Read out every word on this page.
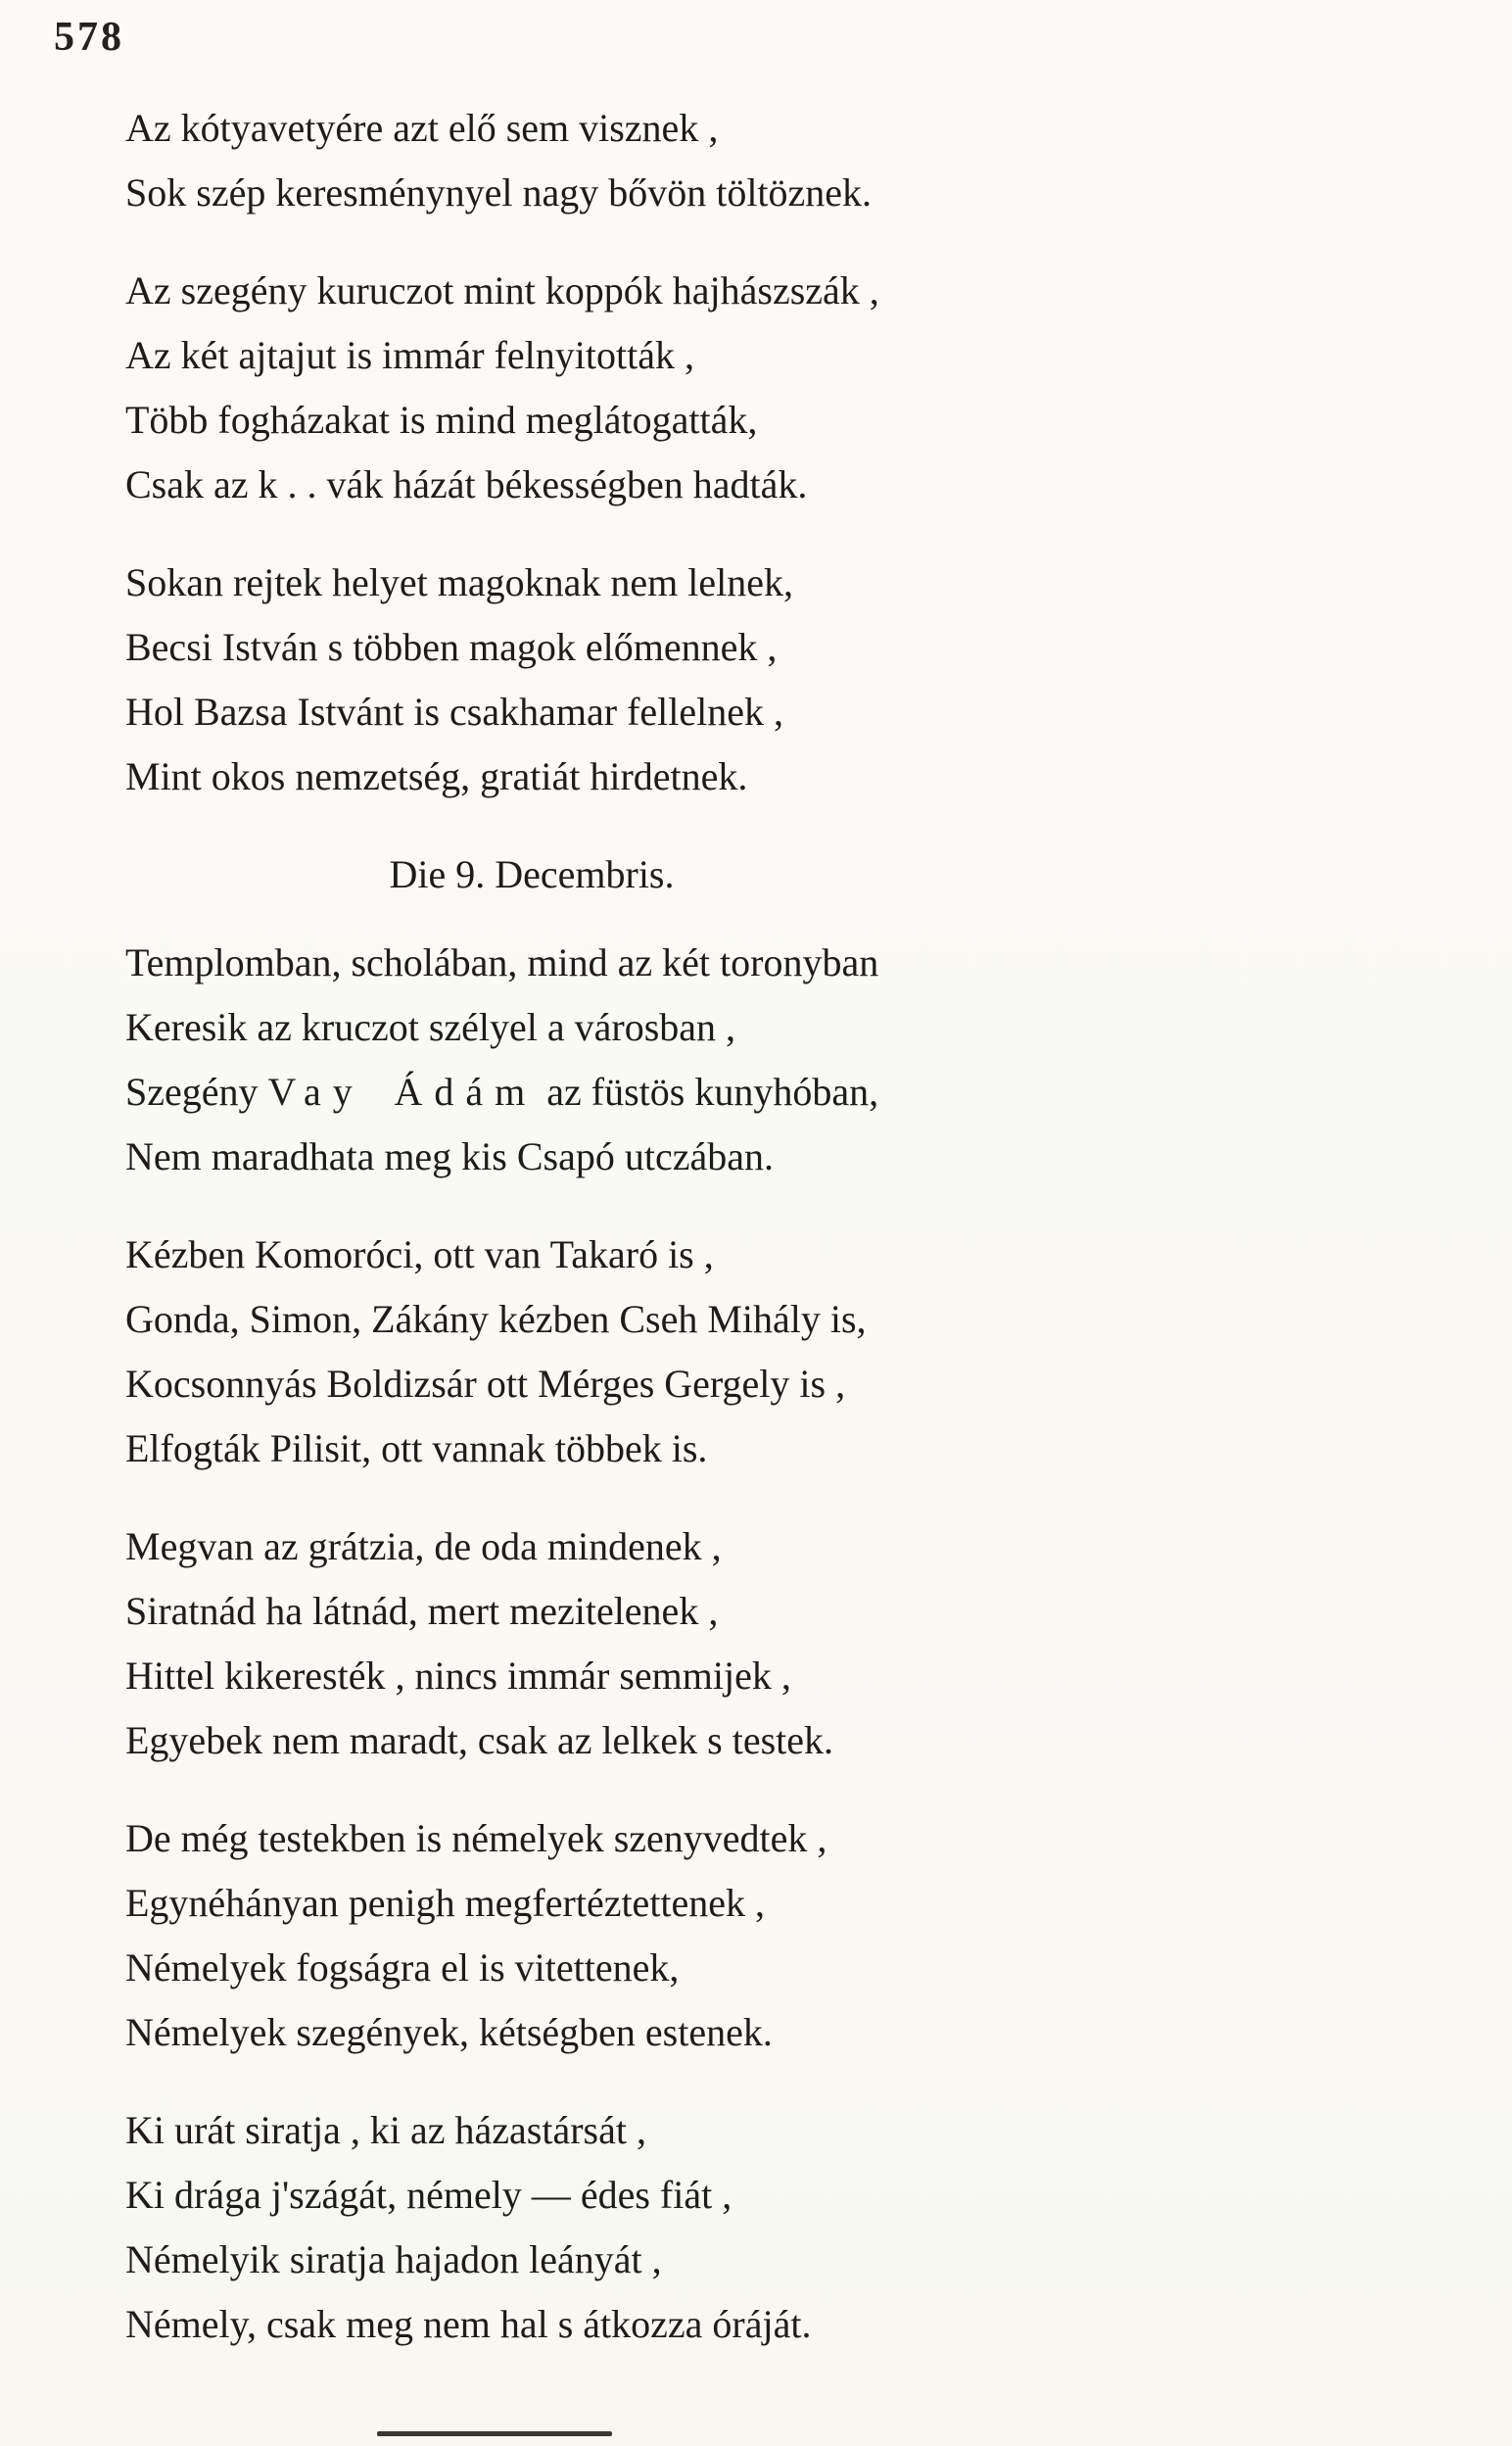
578
Az kótyavetyére azt elő sem visznek ,
Sok szép keresménynyel nagy bővön töltöznek.
Az szegény kuruczot mint koppók hajhászszák ,
Az két ajtajut is immár felnyitották ,
Több fogházakat is mind meglátogatták,
Csak az k . . vák házát békességben hadták.
Sokan rejtek helyet magoknak nem lelnek,
Becsi István s többen magok előmennek ,
Hol Bazsa Istvánt is csakhamar fellelnek ,
Mint okos nemzetség, gratiát hirdetnek.
Die 9. Decembris.
Templomban, scholában, mind az két toronyban
Keresik az kruczot szélyel a városban ,
Szegény Vay Ádám az füstös kunyhóban,
Nem maradhata meg kis Csapó utczában.
Kézben Komoróci, ott van Takaró is ,
Gonda, Simon, Zákány kézben Cseh Mihály is,
Kocsonnyás Boldizsár ott Mérges Gergely is ,
Elfogták Pilisit, ott vannak többek is.
Megvan az grátzia, de oda mindenek ,
Siratnád ha látnád, mert mezitelenek ,
Hittel kikeresték , nincs immár semmijek ,
Egyebek nem maradt, csak az lelkek s testek.
De még testekben is némelyek szenyvedtek ,
Egynéhányan penigh megfertéztettenek ,
Némelyek fogságra el is vitettenek,
Némelyek szegények, kétségben estenek.
Ki urát siratja , ki az házastársát ,
Ki drága j'szágát, némely — édes fiát ,
Némelyik siratja hajadon leányát ,
Némely, csak meg nem hal s átkozza óráját.
